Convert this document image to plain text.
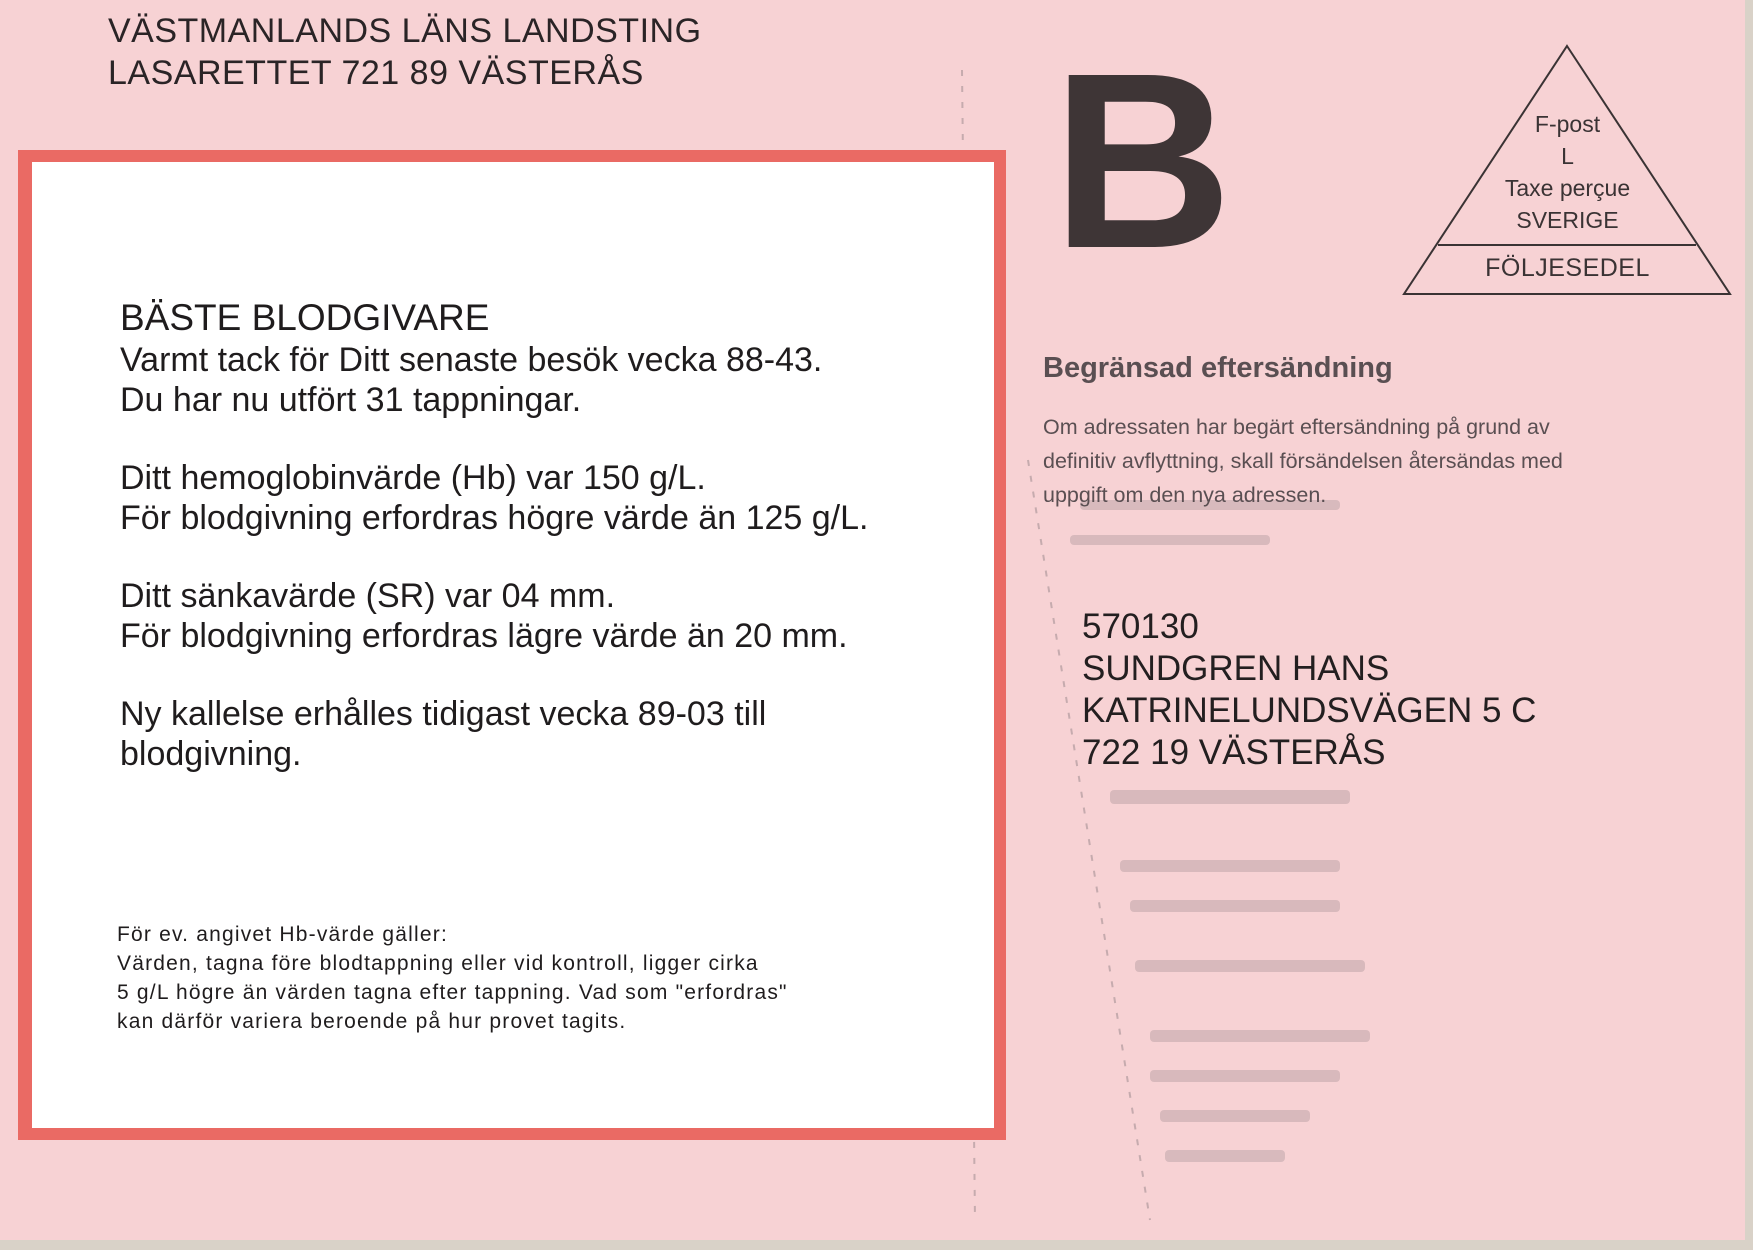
VÄSTMANLANDS LÄNS LANDSTING
LASARETTET 721 89 VÄSTERÅS
BÄSTE BLODGIVARE
Varmt tack för Ditt senaste besök vecka 88-43.
Du har nu utfört 31 tappningar.
Ditt hemoglobinvärde (Hb) var 150 g/L.
För blodgivning erfordras högre värde än 125 g/L.
Ditt sänkavärde (SR) var 04 mm.
För blodgivning erfordras lägre värde än 20 mm.
Ny kallelse erhålles tidigast vecka 89-03 till
blodgivning.
För ev. angivet Hb-värde gäller:
Värden, tagna före blodtappning eller vid kontroll, ligger cirka
5 g/L högre än värden tagna efter tappning. Vad som "erfordras"
kan därför variera beroende på hur provet tagits.
B	F-post
L
Taxe perçue
SVERIGE
FÖLJESEDEL
Begränsad eftersändning
Om adressaten har begärt eftersändning på grund av
definitiv avflyttning, skall försändelsen återsändas med
uppgift om den nya adressen.
570130
SUNDGREN HANS
KATRINELUNDSVÄGEN 5 C
722 19 VÄSTERÅS
